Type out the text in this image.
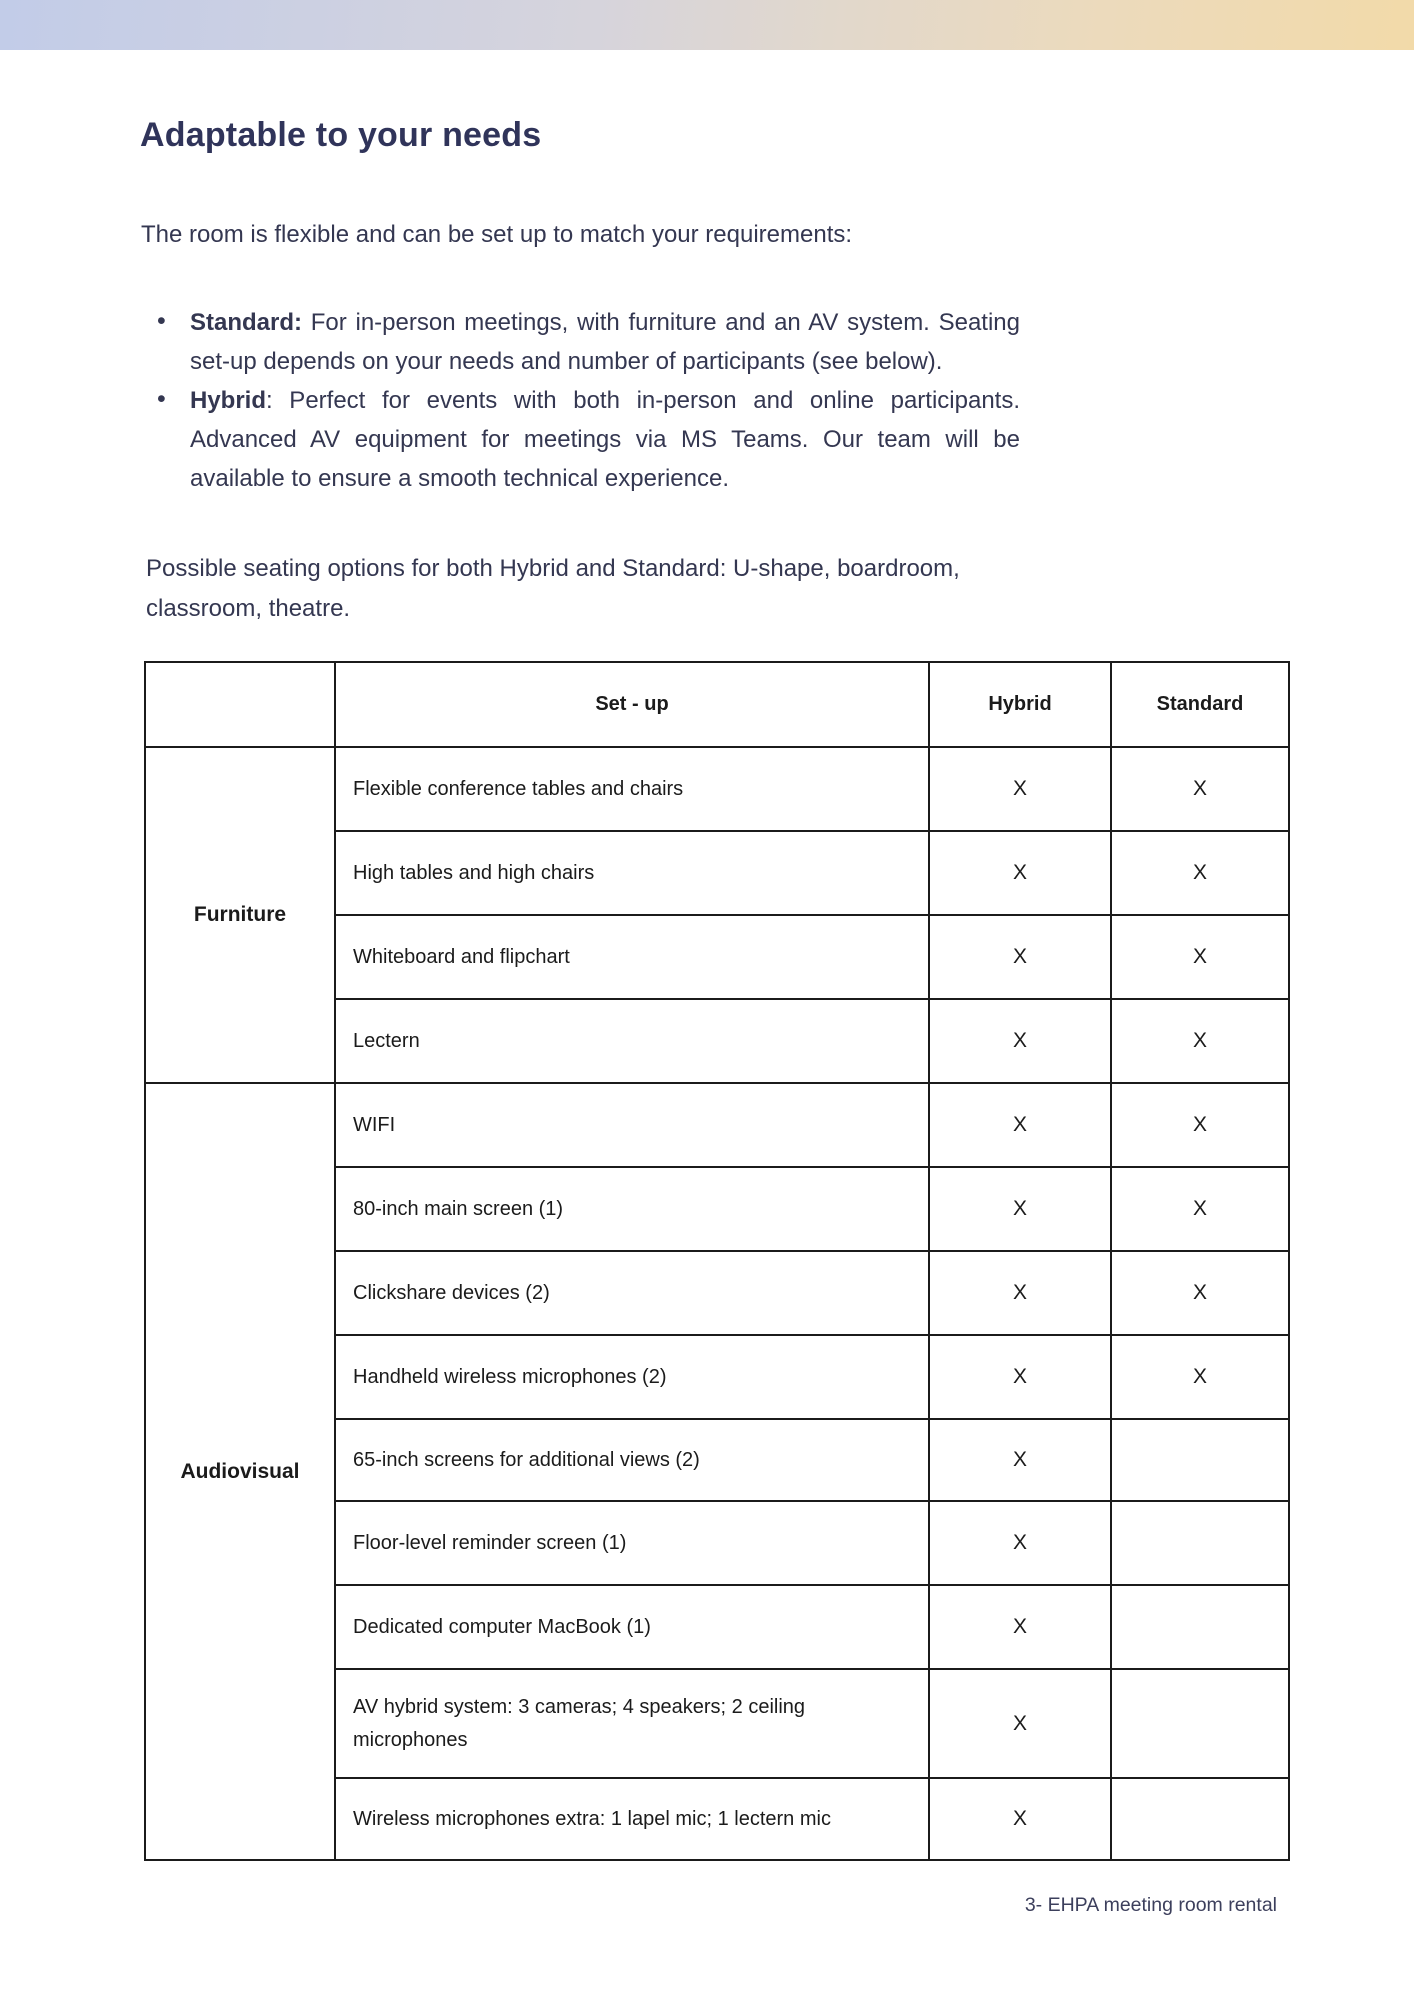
Adaptable to your needs

The room is flexible and can be set up to match your requirements:

• Standard: For in-person meetings, with furniture and an AV system. Seating set-up depends on your needs and number of participants (see below).
• Hybrid: Perfect for events with both in-person and online participants. Advanced AV equipment for meetings via MS Teams. Our team will be available to ensure a smooth technical experience.

Possible seating options for both Hybrid and Standard: U-shape, boardroom, classroom, theatre.

	Set - up	Hybrid	Standard
Furniture	Flexible conference tables and chairs	X	X
	High tables and high chairs	X	X
	Whiteboard and flipchart	X	X
	Lectern	X	X
Audiovisual	WIFI	X	X
	80-inch main screen (1)	X	X
	Clickshare devices (2)	X	X
	Handheld wireless microphones (2)	X	X
	65-inch screens for additional views (2)	X	
	Floor-level reminder screen (1)	X	
	Dedicated computer MacBook (1)	X	
	AV hybrid system: 3 cameras; 4 speakers; 2 ceiling microphones	X	
	Wireless microphones extra: 1 lapel mic; 1 lectern mic	X	
3- EHPA meeting room rental
